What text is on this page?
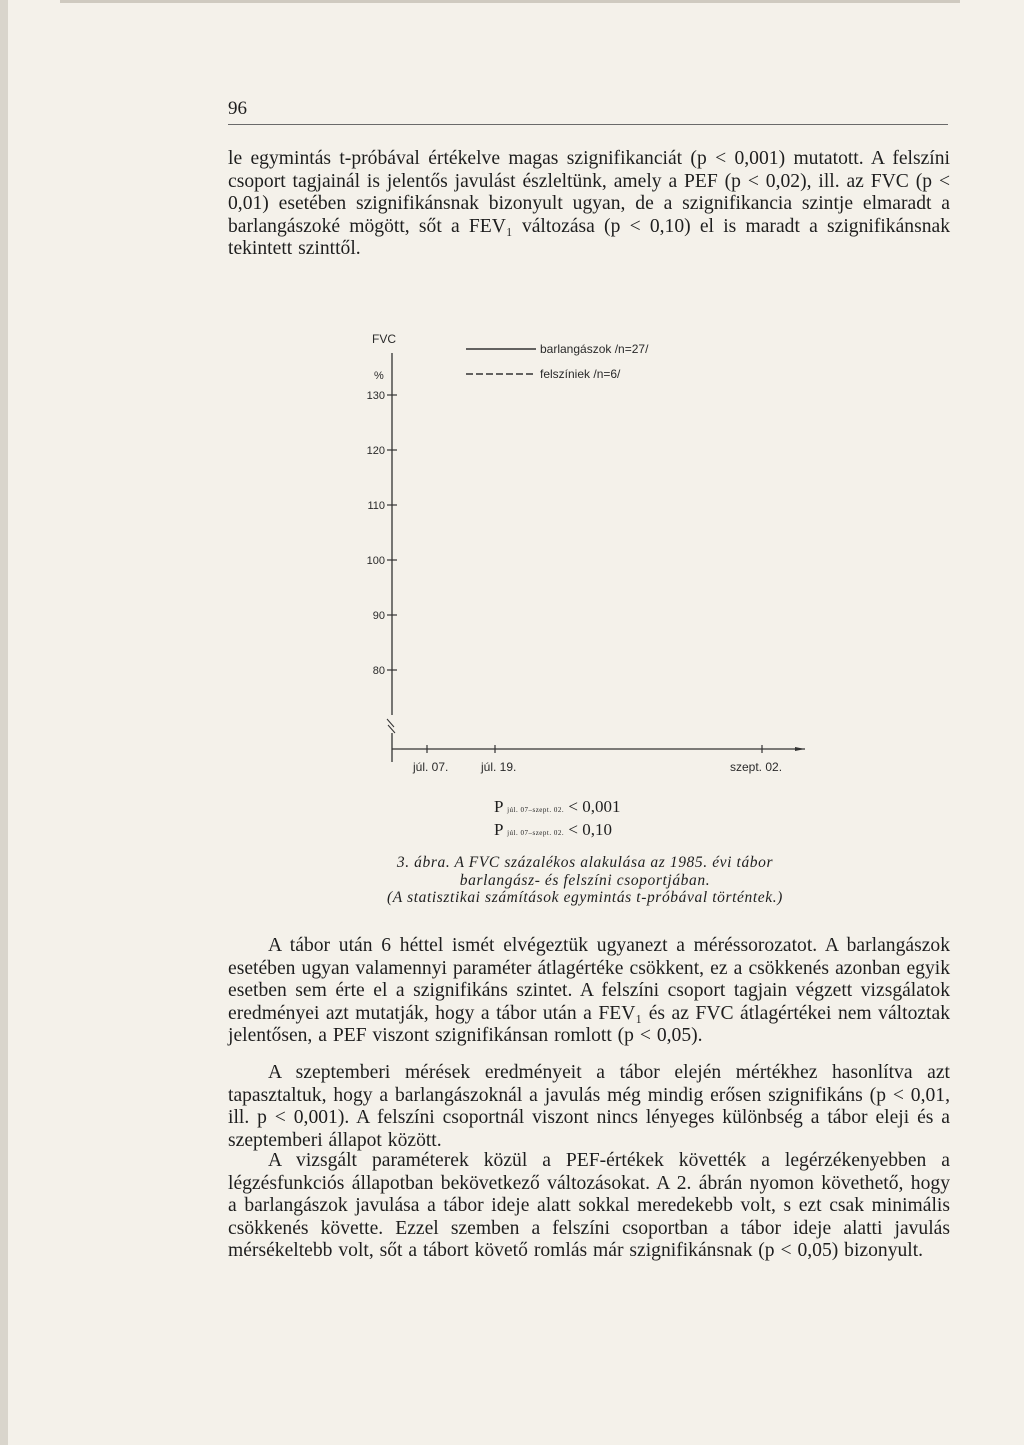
96

le egymintás t-próbával értékelve magas szignifikanciát (p < 0,001) mutatott. A felszíni csoport tagjainál is jelentős javulást észleltünk, amely a PEF (p < 0,02), ill. az FVC (p < 0,01) esetében szignifikánsnak bizonyult ugyan, de a szignifikancia szintje elmaradt a barlangászoké mögött, sőt a FEV₁ változása (p < 0,10) el is maradt a szignifikánsnak tekintett szinttől.

FVC
%
barlangászok /n=27/
felszíniek /n=6/
130
120
110
100
90
80
júl. 07.	júl. 19.	szept. 02.
P júl. 07–szept. 02. < 0,001
P júl. 07–szept. 02. < 0,10
3. ábra. A FVC százalékos alakulása az 1985. évi tábor
barlangász- és felszíni csoportjában.
(A statisztikai számítások egymintás t-próbával történtek.)

A tábor után 6 héttel ismét elvégeztük ugyanezt a méréssorozatot. A barlangászok esetében ugyan valamennyi paraméter átlagértéke csökkent, ez a csökkenés azonban egyik esetben sem érte el a szignifikáns szintet. A felszíni csoport tagjain végzett vizsgálatok eredményei azt mutatják, hogy a tábor után a FEV₁ és az FVC átlagértékei nem változtak jelentősen, a PEF viszont szignifikánsan romlott (p < 0,05).

A szeptemberi mérések eredményeit a tábor elején mértékhez hasonlítva azt tapasztaltuk, hogy a barlangászoknál a javulás még mindig erősen szignifikáns (p < 0,01, ill. p < 0,001). A felszíni csoportnál viszont nincs lényeges különbség a tábor eleji és a szeptemberi állapot között.

A vizsgált paraméterek közül a PEF-értékek követték a legérzékenyebben a légzésfunkciós állapotban bekövetkező változásokat. A 2. ábrán nyomon követhető, hogy a barlangászok javulása a tábor ideje alatt sokkal meredekebb volt, s ezt csak minimális csökkenés követte. Ezzel szemben a felszíni csoportban a tábor ideje alatti javulás mérsékeltebb volt, sőt a tábort követő romlás már szignifikánsnak (p < 0,05) bizonyult.
